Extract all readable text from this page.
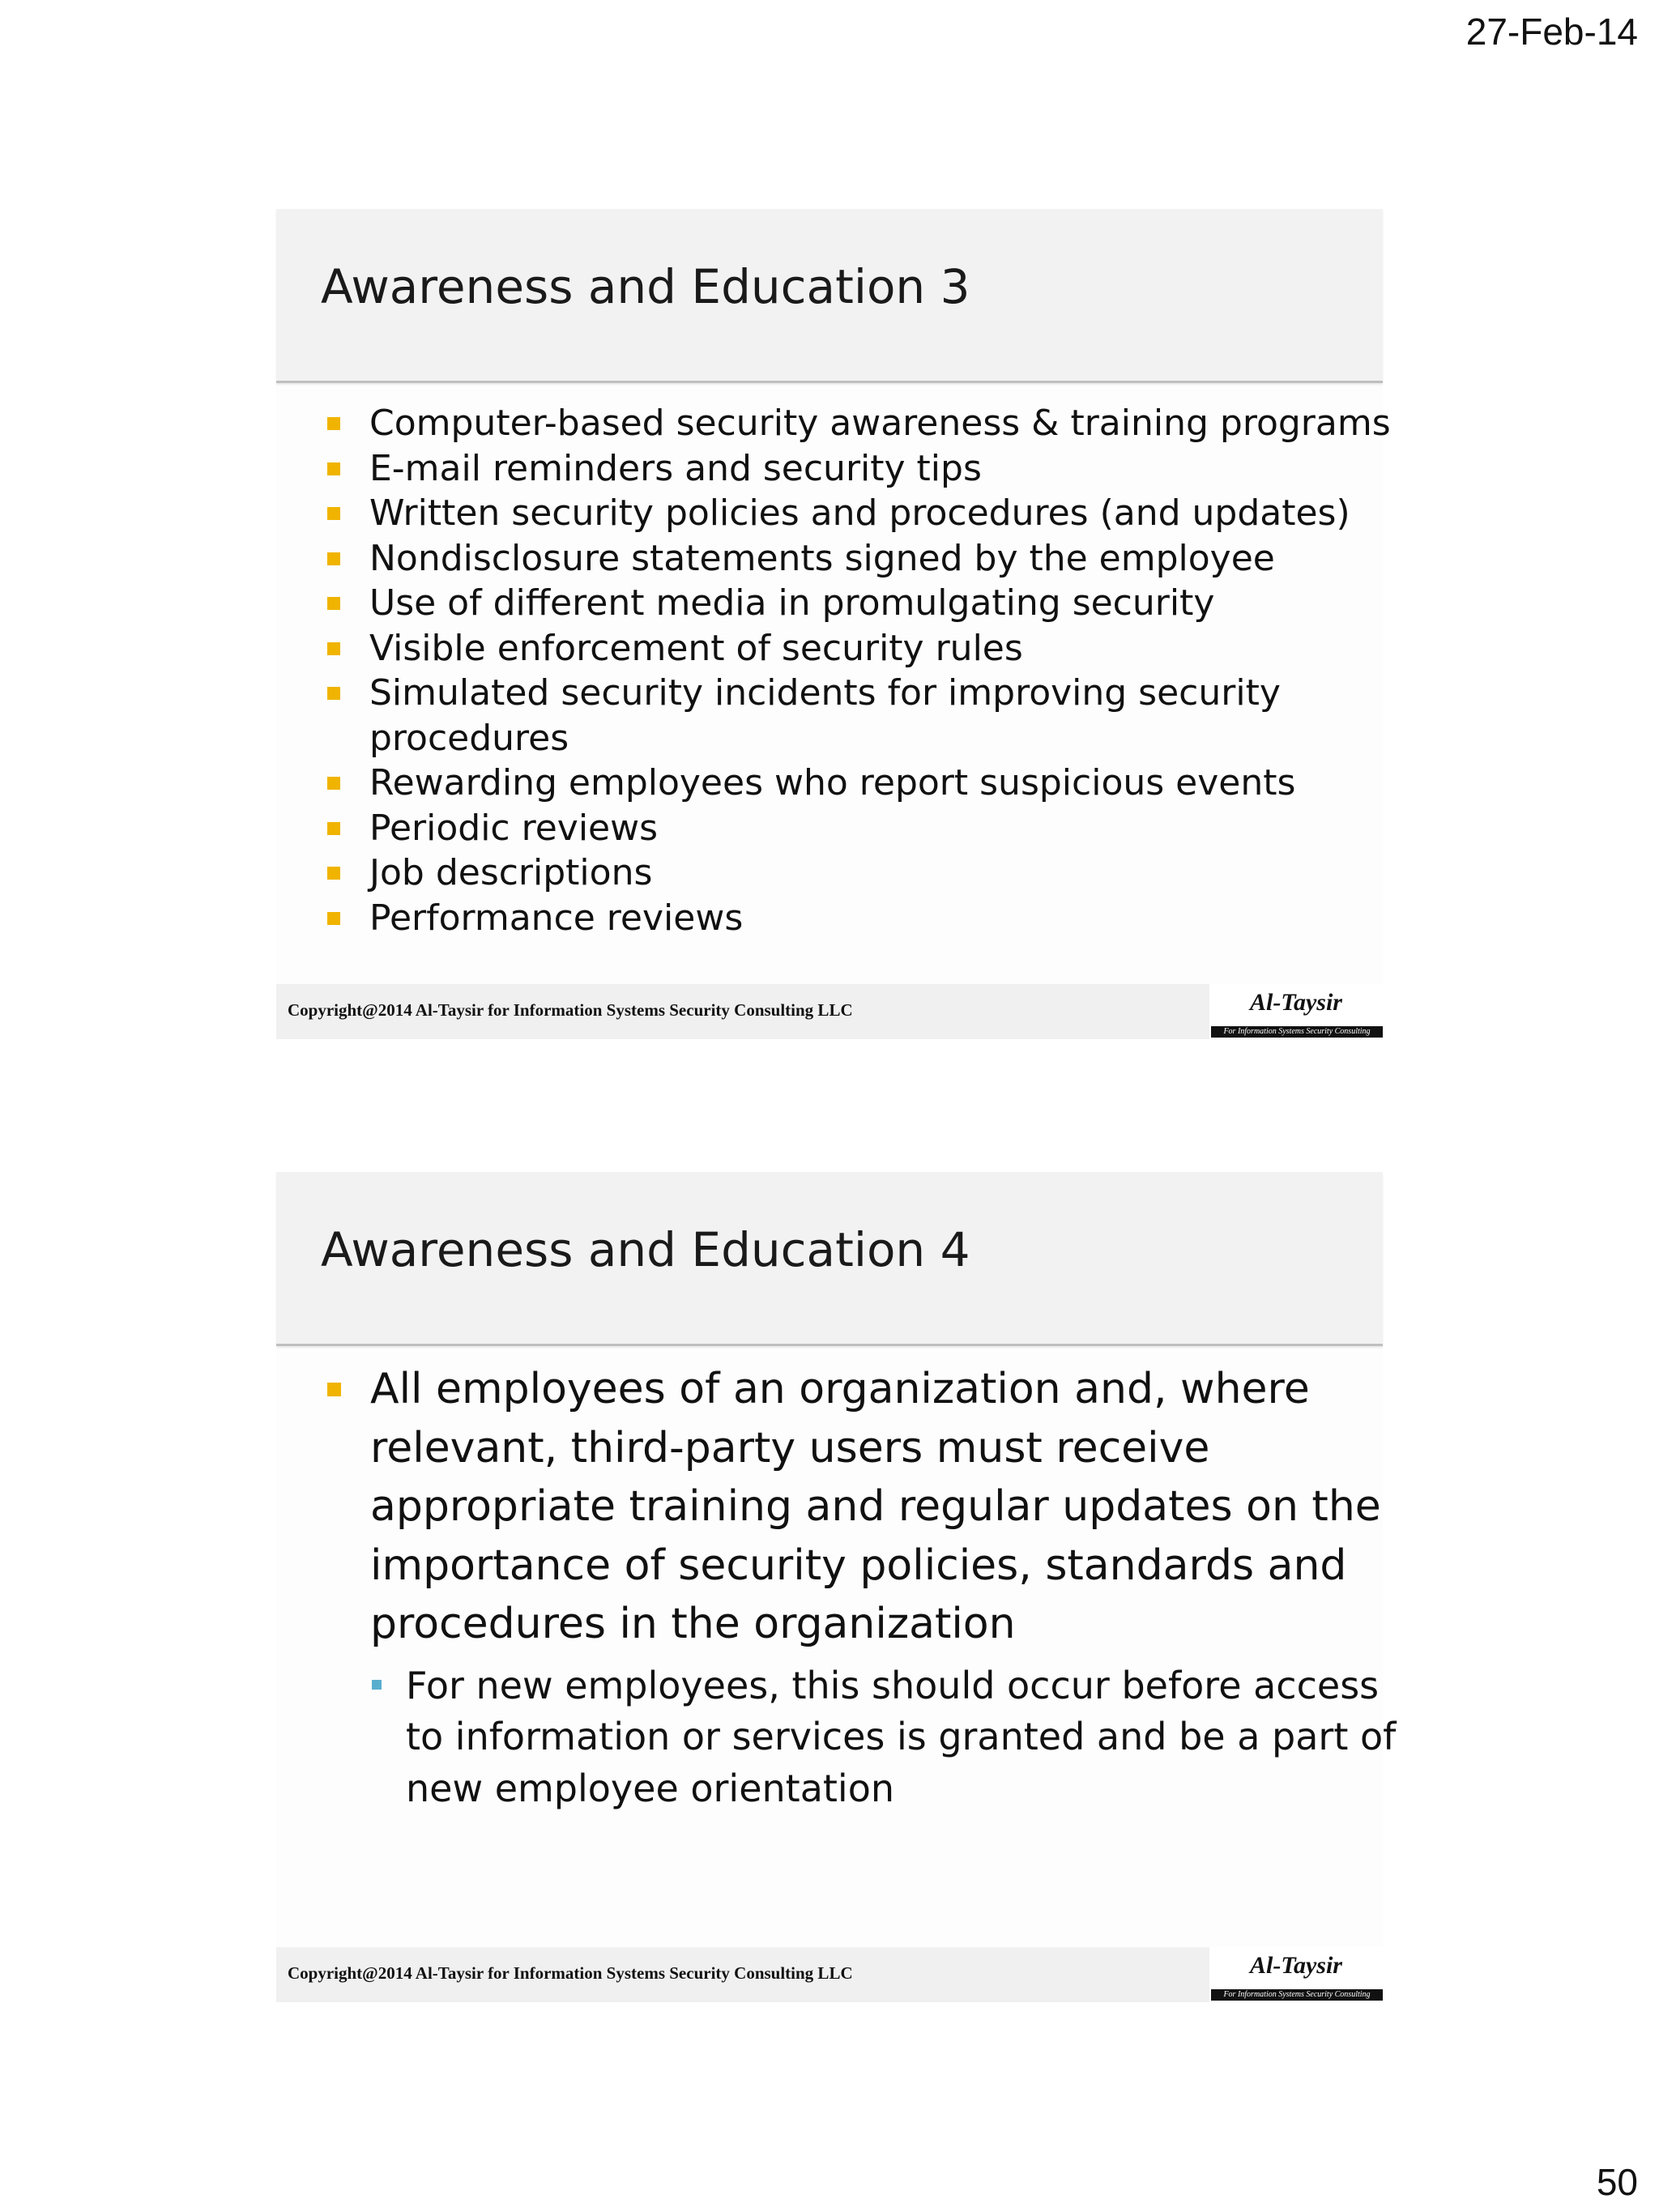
27-Feb-14
Awareness and Education 3
Computer-based security awareness & training programs
E-mail reminders and security tips
Written security policies and procedures (and updates)
Nondisclosure statements signed by the employee
Use of different media in promulgating security
Visible enforcement of security rules
Simulated security incidents for improving security
procedures
Rewarding employees who report suspicious events
Periodic reviews
Job descriptions
Performance reviews
Copyright@2014 Al-Taysir for Information Systems Security Consulting LLC	Al-Taysir
For Information Systems Security Consulting
Awareness and Education 4
All employees of an organization and, where
relevant, third-party users must receive
appropriate training and regular updates on the
importance of security policies, standards and
procedures in the organization
For new employees, this should occur before access
to information or services is granted and be a part of
new employee orientation
Copyright@2014 Al-Taysir for Information Systems Security Consulting LLC	Al-Taysir
For Information Systems Security Consulting
50
